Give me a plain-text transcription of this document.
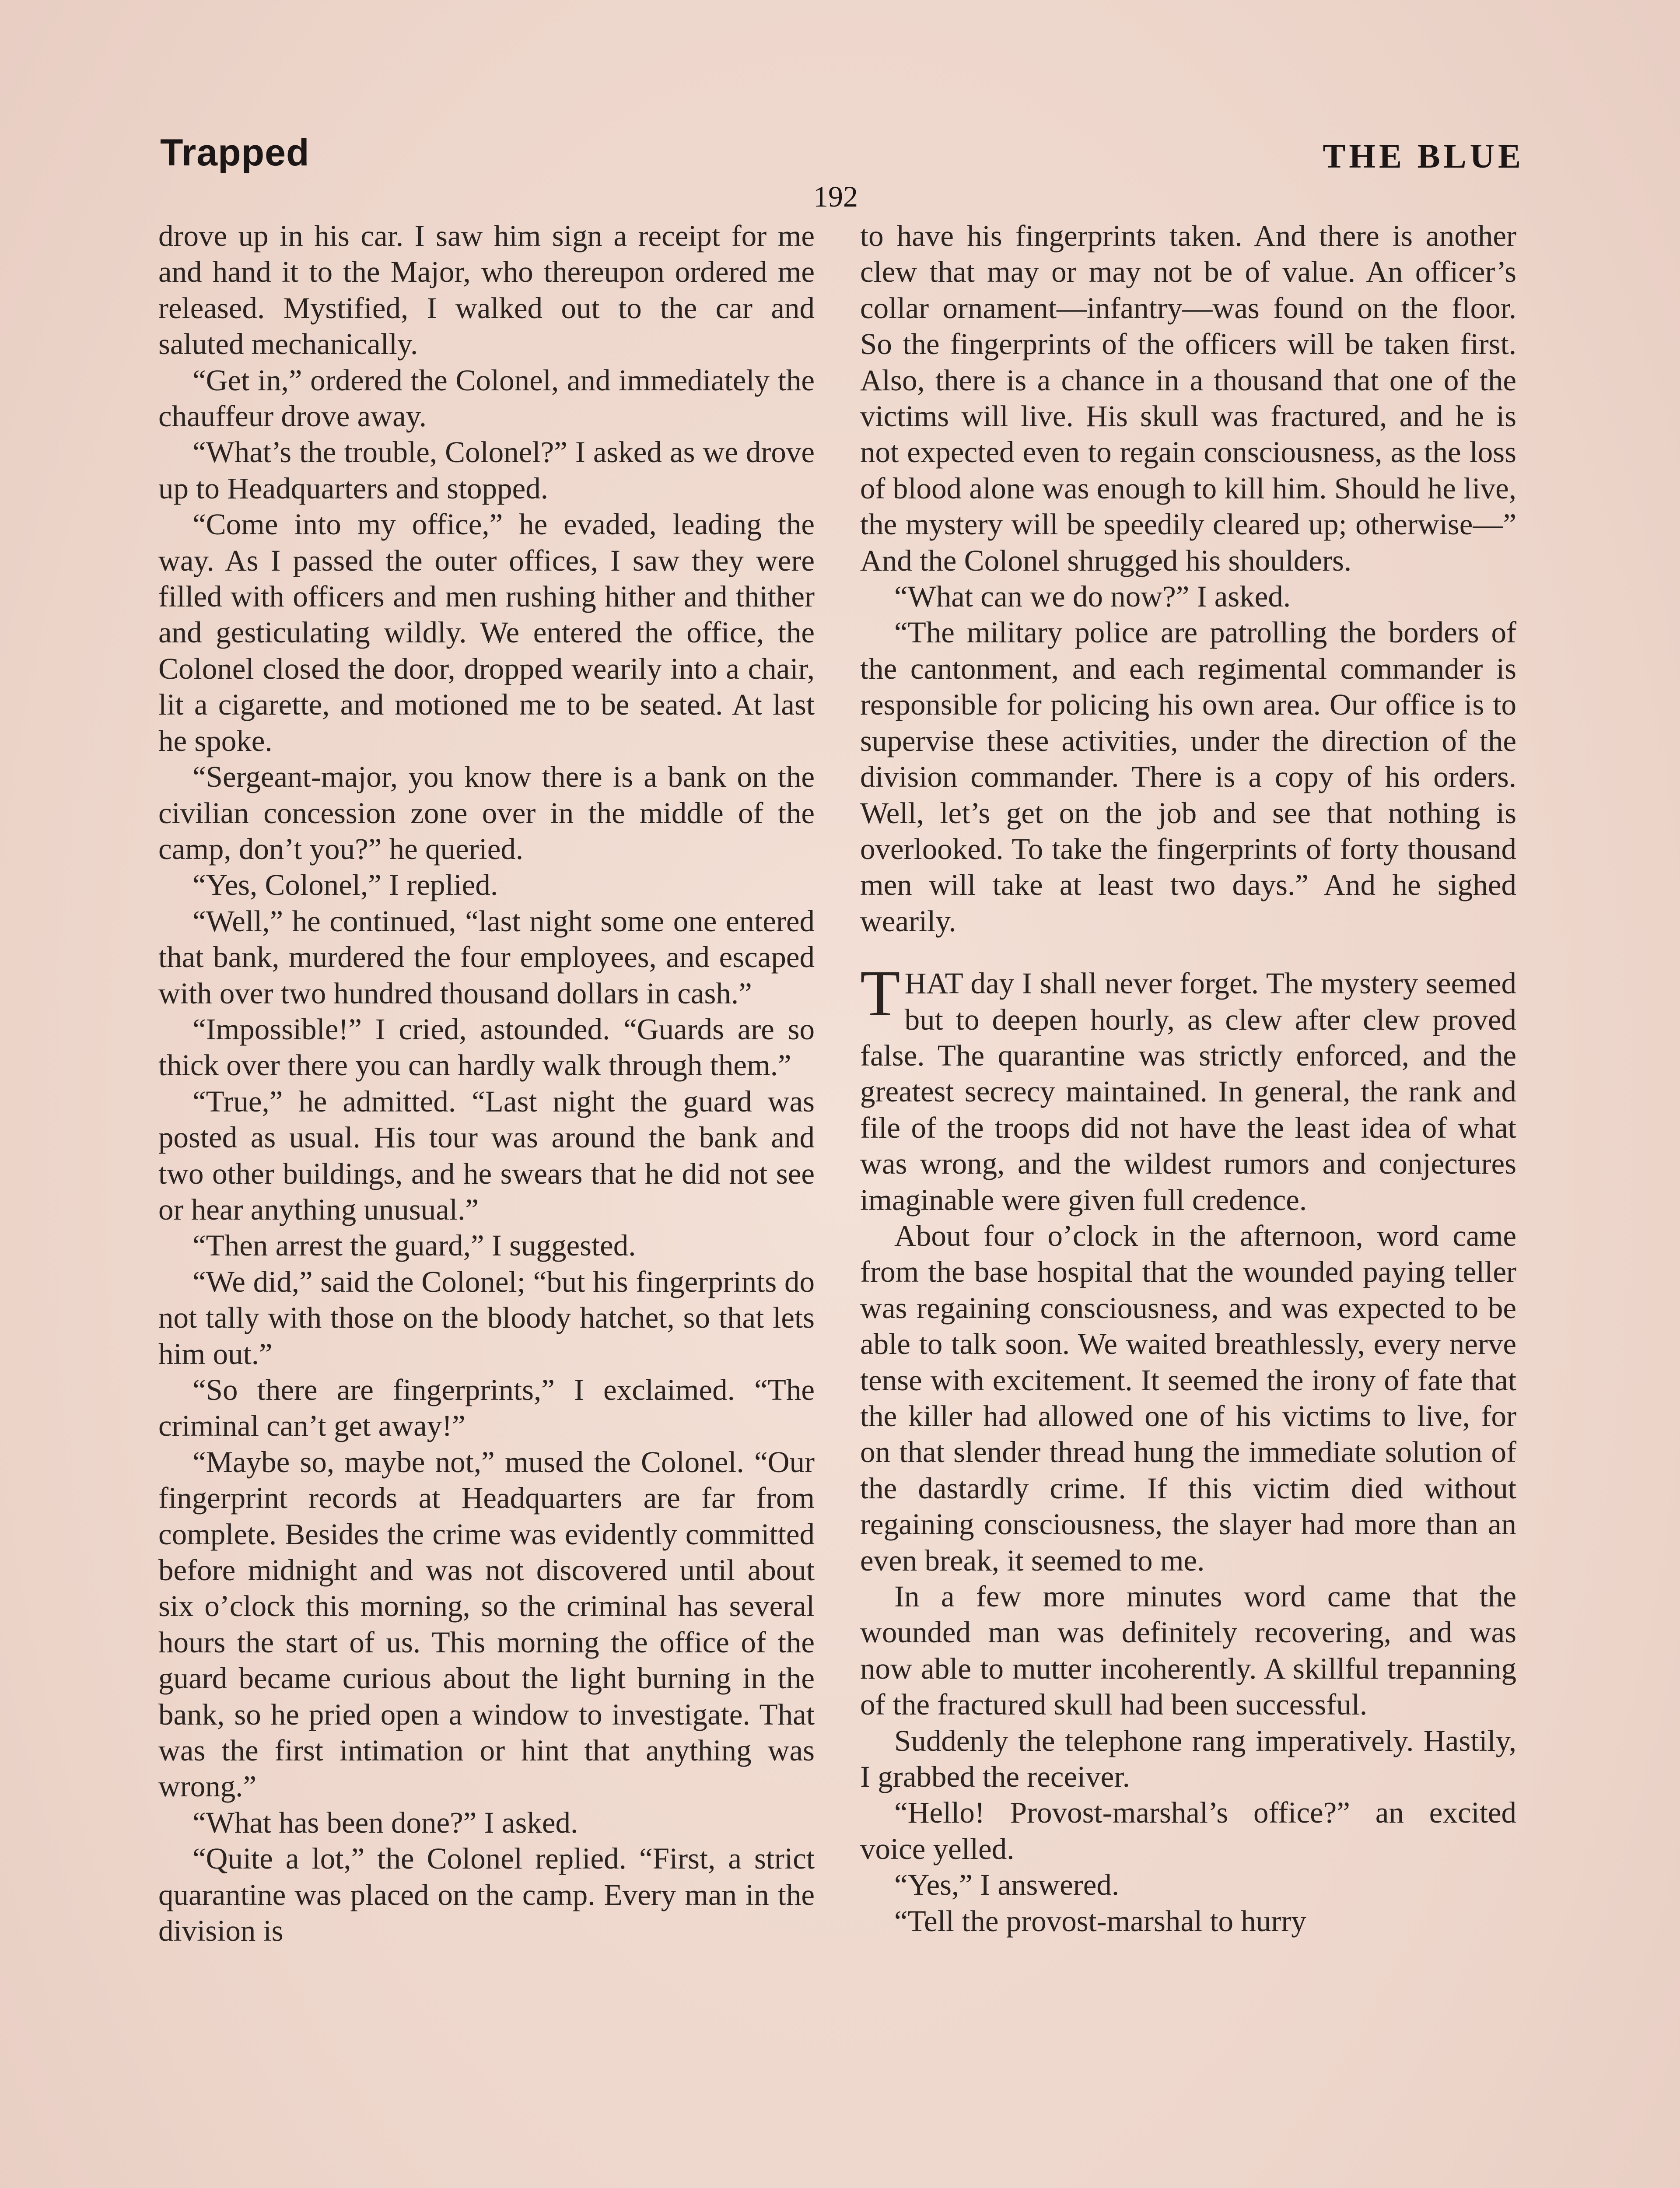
Trapped	THE BLUE
192

drove up in his car. I saw him sign a receipt for me and hand it to the Major, who thereupon ordered me released. Mystified, I walked out to the car and saluted mechanically.

“Get in,” ordered the Colonel, and immediately the chauffeur drove away.

“What’s the trouble, Colonel?” I asked as we drove up to Headquarters and stopped.

“Come into my office,” he evaded, leading the way. As I passed the outer offices, I saw they were filled with officers and men rushing hither and thither and gesticulating wildly. We entered the office, the Colonel closed the door, dropped wearily into a chair, lit a cigarette, and motioned me to be seated. At last he spoke.

“Sergeant-major, you know there is a bank on the civilian concession zone over in the middle of the camp, don’t you?” he queried.

“Yes, Colonel,” I replied.

“Well,” he continued, “last night some one entered that bank, murdered the four employees, and escaped with over two hundred thousand dollars in cash.”

“Impossible!” I cried, astounded. “Guards are so thick over there you can hardly walk through them.”

“True,” he admitted. “Last night the guard was posted as usual. His tour was around the bank and two other buildings, and he swears that he did not see or hear anything unusual.”

“Then arrest the guard,” I suggested.

“We did,” said the Colonel; “but his fingerprints do not tally with those on the bloody hatchet, so that lets him out.”

“So there are fingerprints,” I exclaimed. “The criminal can’t get away!”

“Maybe so, maybe not,” mused the Colonel. “Our fingerprint records at Headquarters are far from complete. Besides the crime was evidently committed before midnight and was not discovered until about six o’clock this morning, so the criminal has several hours the start of us. This morning the office of the guard became curious about the light burning in the bank, so he pried open a window to investigate. That was the first intimation or hint that anything was wrong.”

“What has been done?” I asked.

“Quite a lot,” the Colonel replied. “First, a strict quarantine was placed on the camp. Every man in the division is

to have his fingerprints taken. And there is another clew that may or may not be of value. An officer’s collar ornament—infantry—was found on the floor. So the fingerprints of the officers will be taken first. Also, there is a chance in a thousand that one of the victims will live. His skull was fractured, and he is not expected even to regain consciousness, as the loss of blood alone was enough to kill him. Should he live, the mystery will be speedily cleared up; otherwise—” And the Colonel shrugged his shoulders.

“What can we do now?” I asked.

“The military police are patrolling the borders of the cantonment, and each regimental commander is responsible for policing his own area. Our office is to supervise these activities, under the direction of the division commander. There is a copy of his orders. Well, let’s get on the job and see that nothing is overlooked. To take the fingerprints of forty thousand men will take at least two days.” And he sighed wearily.

THAT day I shall never forget. The mystery seemed but to deepen hourly, as clew after clew proved false. The quarantine was strictly enforced, and the greatest secrecy maintained. In general, the rank and file of the troops did not have the least idea of what was wrong, and the wildest rumors and conjectures imaginable were given full credence.

About four o’clock in the afternoon, word came from the base hospital that the wounded paying teller was regaining consciousness, and was expected to be able to talk soon. We waited breathlessly, every nerve tense with excitement. It seemed the irony of fate that the killer had allowed one of his victims to live, for on that slender thread hung the immediate solution of the dastardly crime. If this victim died without regaining consciousness, the slayer had more than an even break, it seemed to me.

In a few more minutes word came that the wounded man was definitely recovering, and was now able to mutter incoherently. A skillful trepanning of the fractured skull had been successful.

Suddenly the telephone rang imperatively. Hastily, I grabbed the receiver.

“Hello! Provost-marshal’s office?” an excited voice yelled.

“Yes,” I answered.

“Tell the provost-marshal to hurry
